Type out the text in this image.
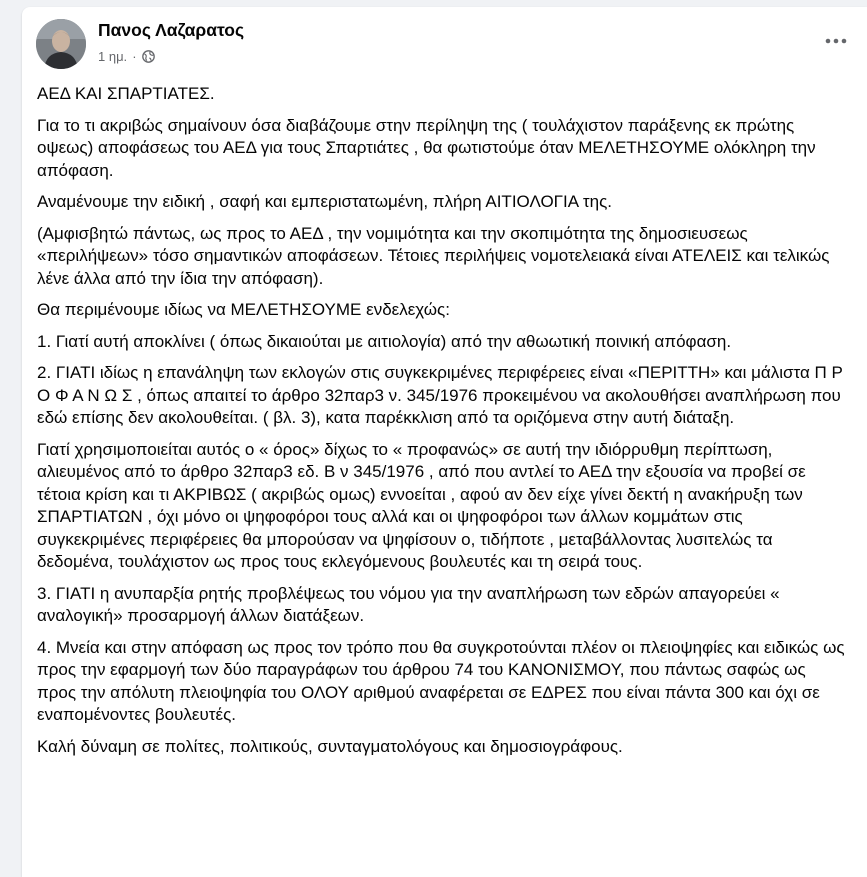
Πανος Λαζαρατος
1 ημ. ·

ΑΕΔ ΚΑΙ ΣΠΑΡΤΙΑΤΕΣ.

Για το τι ακριβώς σημαίνουν όσα διαβάζουμε στην περίληψη της ( τουλάχιστον παράξενης εκ πρώτης οψεως) αποφάσεως του ΑΕΔ για τους Σπαρτιάτες , θα φωτιστούμε όταν ΜΕΛΕΤΗΣΟΥΜΕ ολόκληρη την απόφαση.

Αναμένουμε την ειδική , σαφή και εμπεριστατωμένη, πλήρη ΑΙΤΙΟΛΟΓΙΑ της.

(Αμφισβητώ πάντως, ως προς το ΑΕΔ , την νομιμότητα και την σκοπιμότητα της δημοσιευσεως «περιλήψεων» τόσο σημαντικών αποφάσεων. Τέτοιες περιλήψεις νομοτελειακά είναι ΑΤΕΛΕΙΣ και τελικώς λένε άλλα από την ίδια την απόφαση).

Θα περιμένουμε ιδίως να ΜΕΛΕΤΗΣΟΥΜΕ ενδελεχώς:

1. Γιατί αυτή αποκλίνει ( όπως δικαιούται με αιτιολογία) από την αθωωτική ποινική απόφαση.

2. ΓΙΑΤΙ ιδίως η επανάληψη των εκλογών στις συγκεκριμένες περιφέρειες είναι «ΠΕΡΙΤΤΗ» και μάλιστα Π Ρ Ο Φ Α Ν Ω Σ , όπως απαιτεί το άρθρο 32παρ3 ν. 345/1976 προκειμένου να ακολουθήσει αναπλήρωση που εδώ επίσης δεν ακολουθείται. ( βλ. 3), κατα παρέκκλιση από τα οριζόμενα στην αυτή διάταξη.

Γιατί χρησιμοποιείται αυτός ο « όρος» δίχως το « προφανώς» σε αυτή την ιδιόρρυθμη περίπτωση, αλιευμένος από το άρθρο 32παρ3 εδ. Β ν 345/1976 , από που αντλεί το ΑΕΔ την εξουσία να προβεί σε τέτοια κρίση και τι ΑΚΡΙΒΩΣ ( ακριβώς ομως) εννοείται , αφού αν δεν είχε γίνει δεκτή η ανακήρυξη των ΣΠΑΡΤΙΑΤΩΝ , όχι μόνο οι ψηφοφόροι τους αλλά και οι ψηφοφόροι των άλλων κομμάτων στις συγκεκριμένες περιφέρειες θα μπορούσαν να ψηφίσουν ο, τιδήποτε , μεταβάλλοντας λυσιτελώς τα δεδομένα, τουλάχιστον ως προς τους εκλεγόμενους βουλευτές και τη σειρά τους.

3. ΓΙΑΤΙ η ανυπαρξία ρητής προβλέψεως του νόμου για την αναπλήρωση των εδρών απαγορεύει « αναλογική» προσαρμογή άλλων διατάξεων.

4. Μνεία και στην απόφαση ως προς τον τρόπο που θα συγκροτούνται πλέον οι πλειοψηφίες και ειδικώς ως προς την εφαρμογή των δύο παραγράφων του άρθρου 74 του ΚΑΝΟΝΙΣΜΟΥ, που πάντως σαφώς ως προς την απόλυτη πλειοψηφία του ΟΛΟΥ αριθμού αναφέρεται σε ΕΔΡΕΣ που είναι πάντα 300 και όχι σε εναπομένοντες βουλευτές.

Καλή δύναμη σε πολίτες, πολιτικούς, συνταγματολόγους και δημοσιογράφους.
